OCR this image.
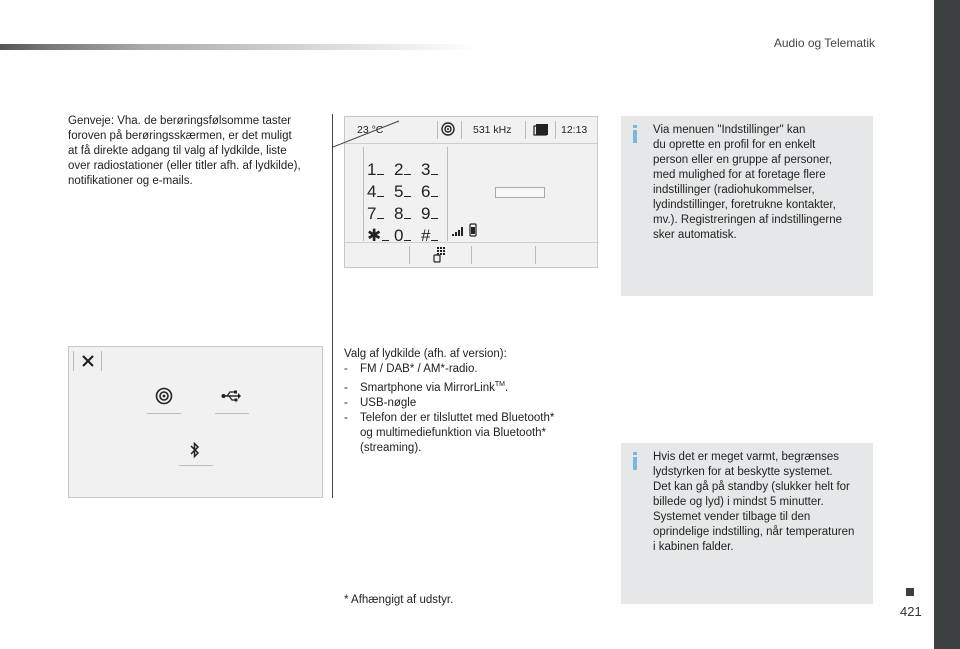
Audio og Telematik
421
Genveje: Vha. de berøringsfølsomme taster
foroven på berøringsskærmen, er det muligt
at få direkte adgang til valg af lydkilde, liste
over radiostationer (eller titler afh. af lydkilde),
notifikationer og e-mails.
23 °C	531 kHz	12:13
1	2	3
4	5	6
7	8	9
✱ 0	#
Via menuen "Indstillinger" kan
du oprette en profil for en enkelt
person eller en gruppe af personer,
med mulighed for at foretage flere
indstillinger (radiohukommelser,
lydindstillinger, foretrukne kontakter,
mv.). Registreringen af indstillingerne
sker automatisk.
Valg af lydkilde (afh. af version):
- FM / DAB* / AM*-radio.
- Smartphone via MirrorLink™.
- USB-nøgle
- Telefon der er tilsluttet med Bluetooth*
og multimediefunktion via Bluetooth*
(streaming).
Hvis det er meget varmt, begrænses
lydstyrken for at beskytte systemet.
Det kan gå på standby (slukker helt for
billede og lyd) i mindst 5 minutter.
Systemet vender tilbage til den
oprindelige indstilling, når temperaturen
i kabinen falder.
* Afhængigt af udstyr.
